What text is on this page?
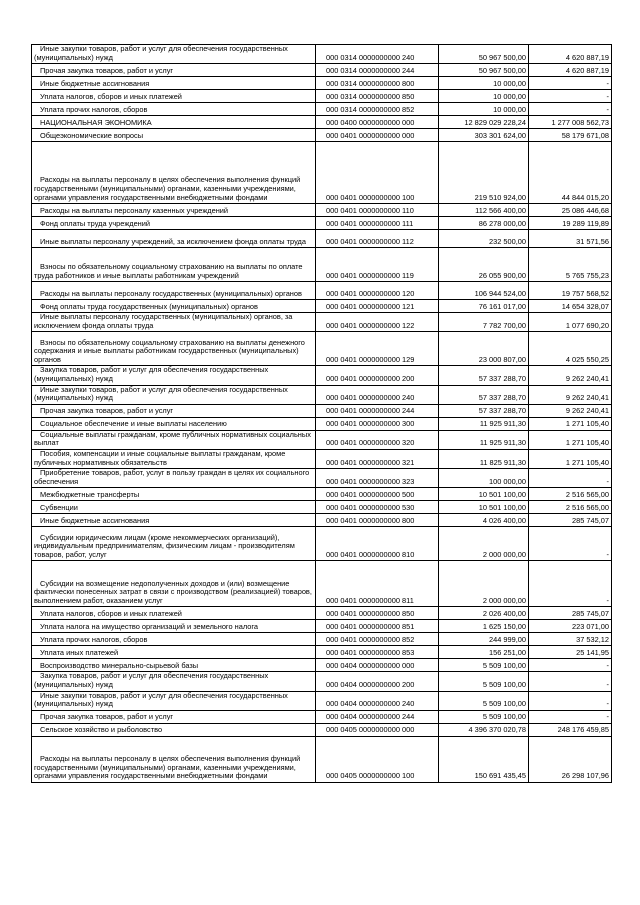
Иные закупки товаров, работ и услуг для обеспечения государственных (муниципальных) нужд	000 0314 0000000000 240	50 967 500,00	4 620 887,19
Прочая закупка товаров, работ и услуг	000 0314 0000000000 244	50 967 500,00	4 620 887,19
Иные бюджетные ассигнования	000 0314 0000000000 800	10 000,00	-
Уплата налогов, сборов и иных платежей	000 0314 0000000000 850	10 000,00	-
Уплата прочих налогов, сборов	000 0314 0000000000 852	10 000,00	-
НАЦИОНАЛЬНАЯ ЭКОНОМИКА	000 0400 0000000000 000	12 829 029 228,24	1 277 008 562,73
Общеэкономические вопросы	000 0401 0000000000 000	303 301 624,00	58 179 671,08
Расходы на выплаты персоналу в целях обеспечения выполнения функций государственными (муниципальными) органами, казенными учреждениями, органами управления государственными внебюджетными фондами	000 0401 0000000000 100	219 510 924,00	44 844 015,20
Расходы на выплаты персоналу казенных учреждений	000 0401 0000000000 110	112 566 400,00	25 086 446,68
Фонд оплаты труда учреждений	000 0401 0000000000 111	86 278 000,00	19 289 119,89
Иные выплаты персоналу учреждений, за исключением фонда оплаты труда	000 0401 0000000000 112	232 500,00	31 571,56
Взносы по обязательному социальному страхованию на выплаты по оплате труда работников и иные выплаты работникам учреждений	000 0401 0000000000 119	26 055 900,00	5 765 755,23
Расходы на выплаты персоналу государственных (муниципальных) органов	000 0401 0000000000 120	106 944 524,00	19 757 568,52
Фонд оплаты труда государственных (муниципальных) органов	000 0401 0000000000 121	76 161 017,00	14 654 328,07
Иные выплаты персоналу государственных (муниципальных) органов, за исключением фонда оплаты труда	000 0401 0000000000 122	7 782 700,00	1 077 690,20
Взносы по обязательному социальному страхованию на выплаты денежного содержания и иные выплаты работникам государственных (муниципальных) органов	000 0401 0000000000 129	23 000 807,00	4 025 550,25
Закупка товаров, работ и услуг для обеспечения государственных (муниципальных) нужд	000 0401 0000000000 200	57 337 288,70	9 262 240,41
Иные закупки товаров, работ и услуг для обеспечения государственных (муниципальных) нужд	000 0401 0000000000 240	57 337 288,70	9 262 240,41
Прочая закупка товаров, работ и услуг	000 0401 0000000000 244	57 337 288,70	9 262 240,41
Социальное обеспечение и иные выплаты населению	000 0401 0000000000 300	11 925 911,30	1 271 105,40
Социальные выплаты гражданам, кроме публичных нормативных социальных выплат	000 0401 0000000000 320	11 925 911,30	1 271 105,40
Пособия, компенсации и иные социальные выплаты гражданам, кроме публичных нормативных обязательств	000 0401 0000000000 321	11 825 911,30	1 271 105,40
Приобретение товаров, работ, услуг в пользу граждан в целях их социального обеспечения	000 0401 0000000000 323	100 000,00	-
Межбюджетные трансферты	000 0401 0000000000 500	10 501 100,00	2 516 565,00
Субвенции	000 0401 0000000000 530	10 501 100,00	2 516 565,00
Иные бюджетные ассигнования	000 0401 0000000000 800	4 026 400,00	285 745,07
Субсидии юридическим лицам (кроме некоммерческих организаций), индивидуальным предпринимателям, физическим лицам - производителям товаров, работ, услуг	000 0401 0000000000 810	2 000 000,00	-
Субсидии на возмещение недополученных доходов и (или) возмещение фактически понесенных затрат в связи с производством (реализацией) товаров, выполнением работ, оказанием услуг	000 0401 0000000000 811	2 000 000,00	-
Уплата налогов, сборов и иных платежей	000 0401 0000000000 850	2 026 400,00	285 745,07
Уплата налога на имущество организаций и земельного налога	000 0401 0000000000 851	1 625 150,00	223 071,00
Уплата прочих налогов, сборов	000 0401 0000000000 852	244 999,00	37 532,12
Уплата иных платежей	000 0401 0000000000 853	156 251,00	25 141,95
Воспроизводство минерально-сырьевой базы	000 0404 0000000000 000	5 509 100,00	-
Закупка товаров, работ и услуг для обеспечения государственных (муниципальных) нужд	000 0404 0000000000 200	5 509 100,00	-
Иные закупки товаров, работ и услуг для обеспечения государственных (муниципальных) нужд	000 0404 0000000000 240	5 509 100,00	-
Прочая закупка товаров, работ и услуг	000 0404 0000000000 244	5 509 100,00	-
Сельское хозяйство и рыболовство	000 0405 0000000000 000	4 396 370 020,78	248 176 459,85
Расходы на выплаты персоналу в целях обеспечения выполнения функций государственными (муниципальными) органами, казенными учреждениями, органами управления государственными внебюджетными фондами	000 0405 0000000000 100	150 691 435,45	26 298 107,96
